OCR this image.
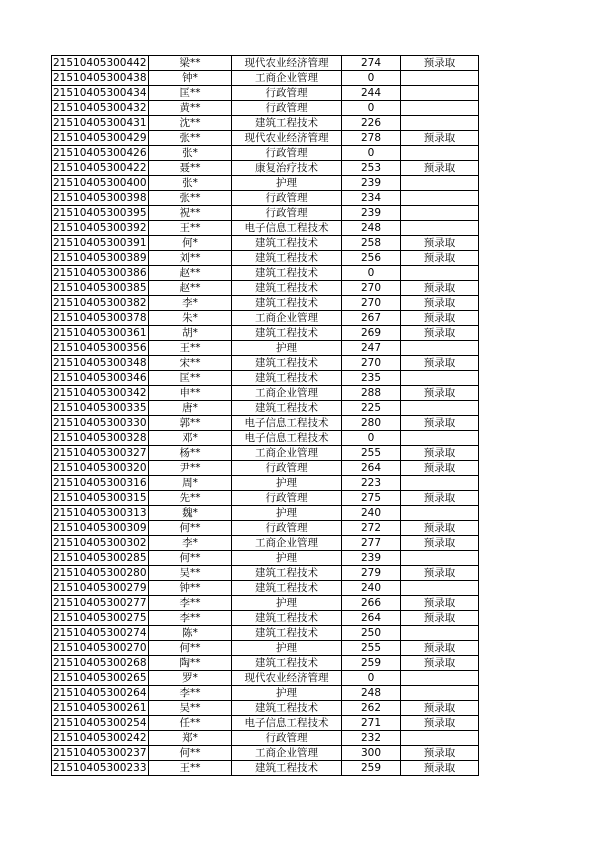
21510405300442	梁**	现代农业经济管理	274	预录取
21510405300438	钟*	工商企业管理	0	
21510405300434	匡**	行政管理	244	
21510405300432	黄**	行政管理	0	
21510405300431	沈**	建筑工程技术	226	
21510405300429	张**	现代农业经济管理	278	预录取
21510405300426	张*	行政管理	0	
21510405300422	聂**	康复治疗技术	253	预录取
21510405300400	张*	护理	239	
21510405300398	张**	行政管理	234	
21510405300395	祝**	行政管理	239	
21510405300392	王**	电子信息工程技术	248	
21510405300391	何*	建筑工程技术	258	预录取
21510405300389	刘**	建筑工程技术	256	预录取
21510405300386	赵**	建筑工程技术	0	
21510405300385	赵**	建筑工程技术	270	预录取
21510405300382	李*	建筑工程技术	270	预录取
21510405300378	朱*	工商企业管理	267	预录取
21510405300361	胡*	建筑工程技术	269	预录取
21510405300356	王**	护理	247	
21510405300348	宋**	建筑工程技术	270	预录取
21510405300346	匡**	建筑工程技术	235	
21510405300342	申**	工商企业管理	288	预录取
21510405300335	唐*	建筑工程技术	225	
21510405300330	郭**	电子信息工程技术	280	预录取
21510405300328	邓*	电子信息工程技术	0	
21510405300327	杨**	工商企业管理	255	预录取
21510405300320	尹**	行政管理	264	预录取
21510405300316	周*	护理	223	
21510405300315	先**	行政管理	275	预录取
21510405300313	魏*	护理	240	
21510405300309	何**	行政管理	272	预录取
21510405300302	李*	工商企业管理	277	预录取
21510405300285	何**	护理	239	
21510405300280	吴**	建筑工程技术	279	预录取
21510405300279	钟**	建筑工程技术	240	
21510405300277	李**	护理	266	预录取
21510405300275	李**	建筑工程技术	264	预录取
21510405300274	陈*	建筑工程技术	250	
21510405300270	何**	护理	255	预录取
21510405300268	陶**	建筑工程技术	259	预录取
21510405300265	罗*	现代农业经济管理	0	
21510405300264	李**	护理	248	
21510405300261	吴**	建筑工程技术	262	预录取
21510405300254	任**	电子信息工程技术	271	预录取
21510405300242	郑*	行政管理	232	
21510405300237	何**	工商企业管理	300	预录取
21510405300233	王**	建筑工程技术	259	预录取
